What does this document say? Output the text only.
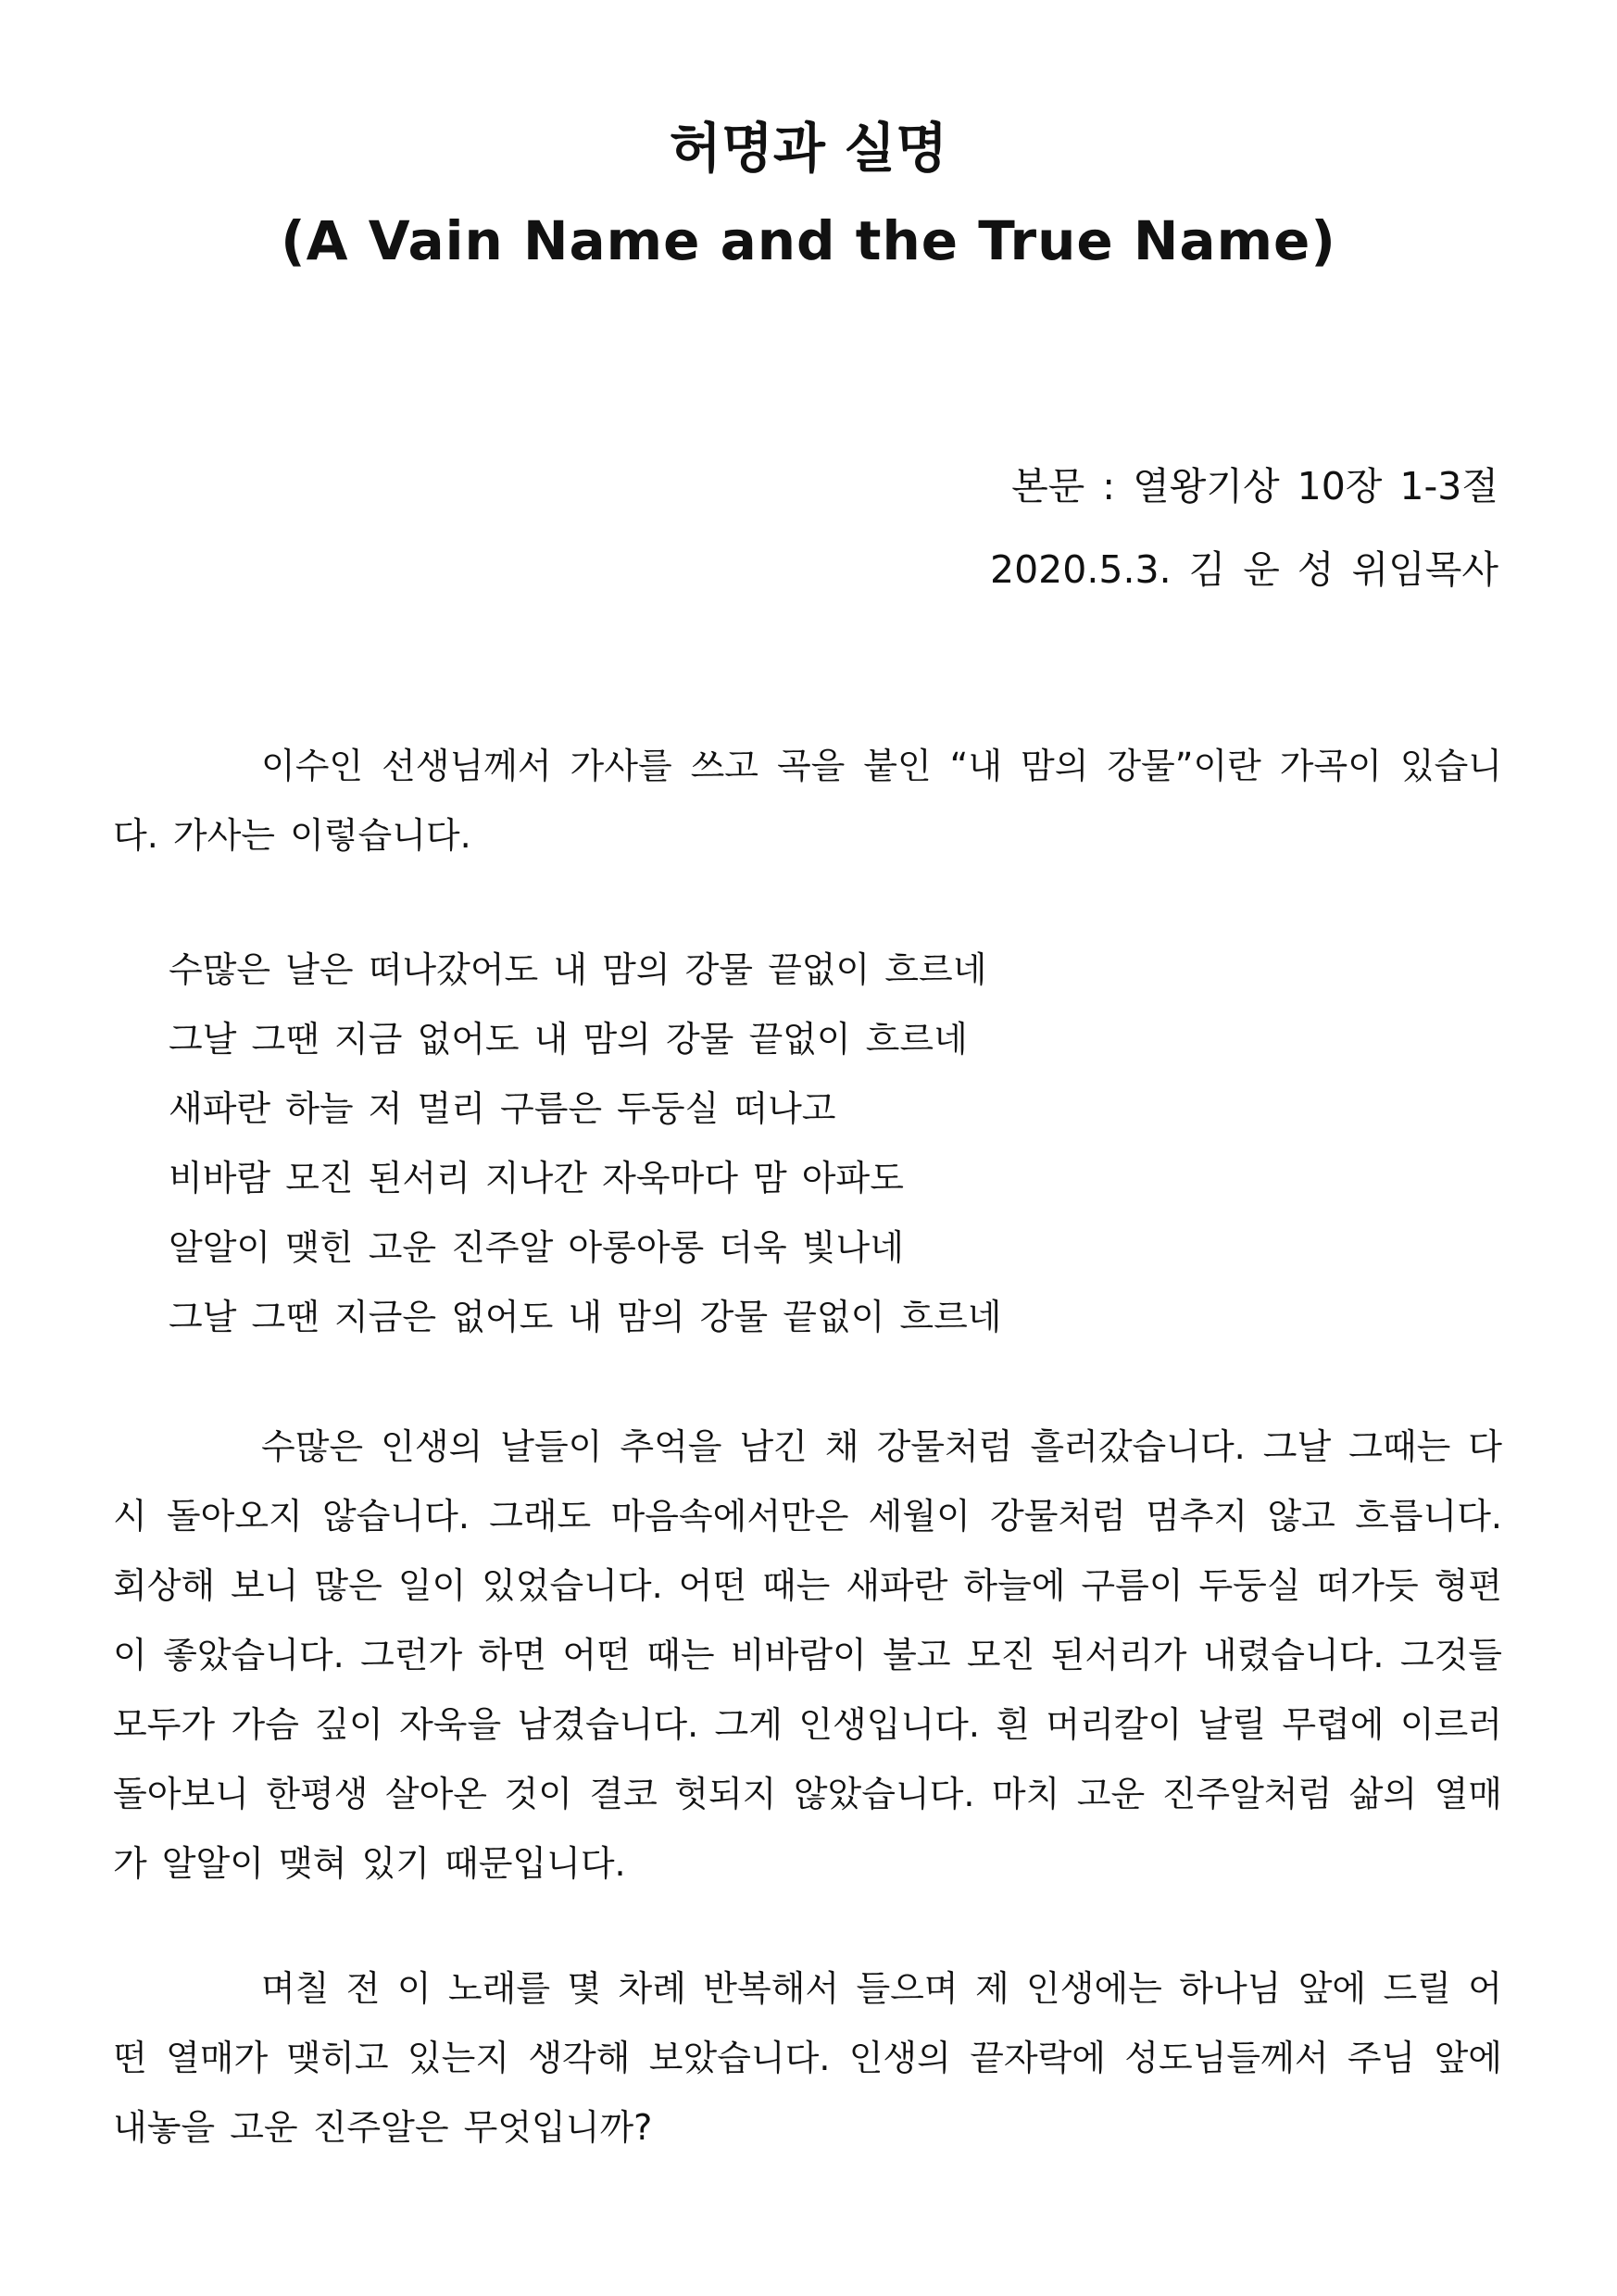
허명과 실명

(A Vain Name and the True Name)

본문 : 열왕기상 10장 1-3절

2020.5.3. 김 운 성 위임목사

이수인 선생님께서 가사를 쓰고 곡을 붙인 “내 맘의 강물”이란 가곡이 있습니다. 가사는 이렇습니다.

수많은 날은 떠나갔어도 내 맘의 강물 끝없이 흐르네
그날 그땐 지금 없어도 내 맘의 강물 끝없이 흐르네
새파란 하늘 저 멀리 구름은 두둥실 떠나고
비바람 모진 된서리 지나간 자욱마다 맘 아파도
알알이 맺힌 고운 진주알 아롱아롱 더욱 빛나네
그날 그땐 지금은 없어도 내 맘의 강물 끝없이 흐르네

수많은 인생의 날들이 추억을 남긴 채 강물처럼 흘러갔습니다. 그날 그때는 다시 돌아오지 않습니다. 그래도 마음속에서만은 세월이 강물처럼 멈추지 않고 흐릅니다. 회상해 보니 많은 일이 있었습니다. 어떤 때는 새파란 하늘에 구름이 두둥실 떠가듯 형편이 좋았습니다. 그런가 하면 어떤 때는 비바람이 불고 모진 된서리가 내렸습니다. 그것들 모두가 가슴 깊이 자욱을 남겼습니다. 그게 인생입니다. 흰 머리칼이 날릴 무렵에 이르러 돌아보니 한평생 살아온 것이 결코 헛되지 않았습니다. 마치 고운 진주알처럼 삶의 열매가 알알이 맺혀 있기 때문입니다.

며칠 전 이 노래를 몇 차례 반복해서 들으며 제 인생에는 하나님 앞에 드릴 어떤 열매가 맺히고 있는지 생각해 보았습니다. 인생의 끝자락에 성도님들께서 주님 앞에 내놓을 고운 진주알은 무엇입니까?
